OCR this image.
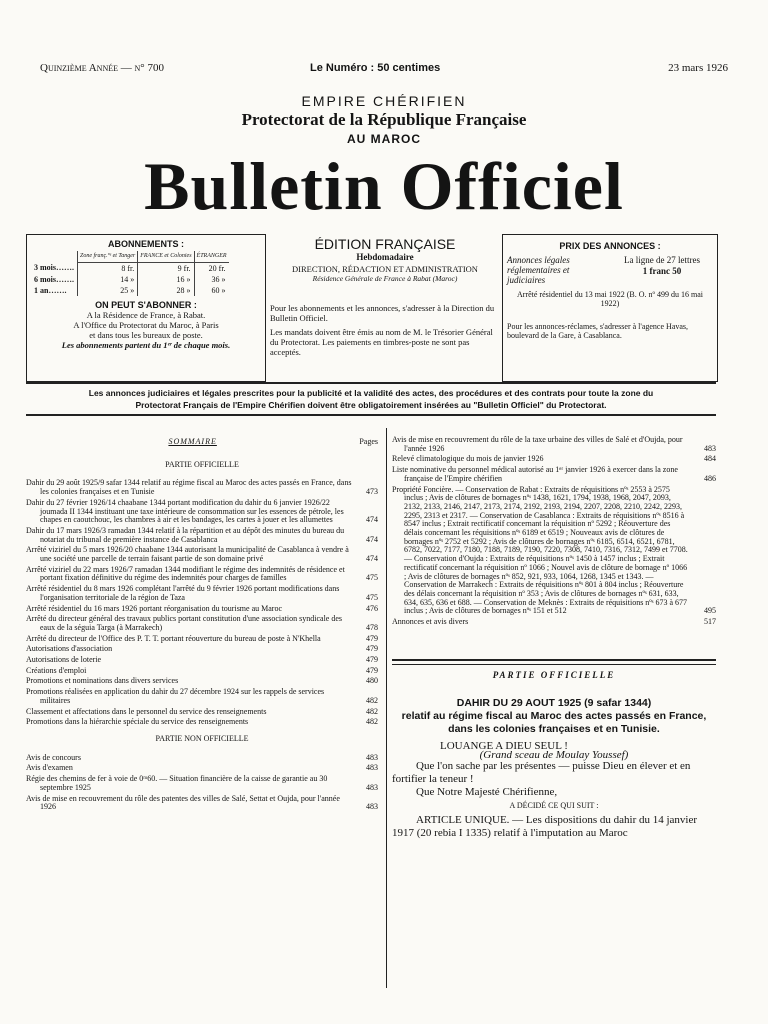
Quinzième Année — n° 700	Le Numéro : 50 centimes	23 mars 1926
EMPIRE CHÉRIFIEN
Protectorat de la République Française
AU MAROC
Bulletin Officiel
ABONNEMENTS :
	Zone franç.ºᵉ et Tanger	FRANCE et Colonies	ÉTRANGER
3 mois…….	8 fr.	9 fr.	20 fr.
6 mois…….	14 »	16 »	36 »
1 an…….	25 »	28 »	60 »
ON PEUT S'ABONNER :
A la Résidence de France, à Rabat.
A l'Office du Protectorat du Maroc, à Paris
et dans tous les bureaux de poste.
Les abonnements partent du 1ᵉʳ de chaque mois.
ÉDITION FRANÇAISE
Hebdomadaire
DIRECTION, RÉDACTION ET ADMINISTRATION
Résidence Générale de France à Rabat (Maroc)
Pour les abonnements et les annonces, s'adresser à la Direction du Bulletin Officiel.
Les mandats doivent être émis au nom de M. le Trésorier Général du Protectorat. Les paiements en timbres-poste ne sont pas acceptés.
PRIX DES ANNONCES :
Annonces légales réglementaires et judiciaires
La ligne de 27 lettres
1 franc 50
Arrêté résidentiel du 13 mai 1922 (B. O. nº 499 du 16 mai 1922)
Pour les annonces-réclames, s'adresser à l'agence Havas, boulevard de la Gare, à Casablanca.
Les annonces judiciaires et légales prescrites pour la publicité et la validité des actes, des procédures et des contrats pour toute la zone du
Protectorat Français de l'Empire Chérifien doivent être obligatoirement insérées au "Bulletin Officiel" du Protectorat.
SOMMAIRE	Pages
PARTIE OFFICIELLE
Dahir du 29 août 1925/9 safar 1344 relatif au régime fiscal au Maroc des actes passés en France, dans les colonies françaises et en Tunisie	473
Dahir du 27 février 1926/14 chaabane 1344 portant modification du dahir du 6 janvier 1926/22 joumada II 1344 instituant une taxe intérieure de consommation sur les essences de pétrole, les chapes en caoutchouc, les chambres à air et les bandages, les cartes à jouer et les allumettes	474
Dahir du 17 mars 1926/3 ramadan 1344 relatif à la répartition et au dépôt des minutes du bureau du notariat du tribunal de première instance de Casablanca	474
Arrêté viziriel du 5 mars 1926/20 chaabane 1344 autorisant la municipalité de Casablanca à vendre à une société une parcelle de terrain faisant partie de son domaine privé	474
Arrêté viziriel du 22 mars 1926/7 ramadan 1344 modifiant le régime des indemnités de résidence et portant fixation définitive du régime des indemnités pour charges de familles	475
Arrêté résidentiel du 8 mars 1926 complétant l'arrêté du 9 février 1926 portant modifications dans l'organisation territoriale de la région de Taza	475
Arrêté résidentiel du 16 mars 1926 portant réorganisation du tourisme au Maroc	476
Arrêté du directeur général des travaux publics portant constitution d'une association syndicale des eaux de la séguia Targa (à Marrakech)	478
Arrêté du directeur de l'Office des P. T. T. portant réouverture du bureau de poste à N'Khella	479
Autorisations d'association	479
Autorisations de loterie	479
Créations d'emploi	479
Promotions et nominations dans divers services	480
Promotions réalisées en application du dahir du 27 décembre 1924 sur les rappels de services militaires	482
Classement et affectations dans le personnel du service des renseignements	482
Promotions dans la hiérarchie spéciale du service des renseignements	482
PARTIE NON OFFICIELLE
Avis de concours	483
Avis d'examen	483
Régie des chemins de fer à voie de 0ᵐ60. — Situation financière de la caisse de garantie au 30 septembre 1925	483
Avis de mise en recouvrement du rôle des patentes des villes de Salé, Settat et Oujda, pour l'année 1926	483
Avis de mise en recouvrement du rôle de la taxe urbaine des villes de Salé et d'Oujda, pour l'année 1926	483
Relevé climatologique du mois de janvier 1926	484
Liste nominative du personnel médical autorisé au 1ᵉʳ janvier 1926 à exercer dans la zone française de l'Empire chérifien	486
Propriété Foncière. — Conservation de Rabat : Extraits de réquisitions nºˢ 2553 à 2575 inclus ; Avis de clôtures de bornages nºˢ 1438, 1621, 1794, 1938, 1968, 2047, 2093, 2132, 2133, 2146, 2147, 2173, 2174, 2192, 2193, 2194, 2207, 2208, 2210, 2242, 2293, 2295, 2313 et 2317. — Conservation de Casablanca : Extraits de réquisitions nºˢ 8516 à 8547 inclus ; Extrait rectificatif concernant la réquisition nº 5292 ; Réouverture des délais concernant les réquisitions nºˢ 6189 et 6519 ; Nouveaux avis de clôtures de bornages nºˢ 2752 et 5292 ; Avis de clôtures de bornages nºˢ 6185, 6514, 6521, 6781, 6782, 7022, 7177, 7180, 7188, 7189, 7190, 7220, 7308, 7410, 7316, 7312, 7499 et 7708. — Conservation d'Oujda : Extraits de réquisitions nºˢ 1450 à 1457 inclus ; Extrait rectificatif concernant la réquisition nº 1066 ; Nouvel avis de clôture de bornage nº 1066 ; Avis de clôtures de bornages nºˢ 852, 921, 933, 1064, 1268, 1345 et 1343. — Conservation de Marrakech : Extraits de réquisitions nºˢ 801 à 804 inclus ; Réouverture des délais concernant la réquisition nº 353 ; Avis de clôtures de bornages nºˢ 631, 633, 634, 635, 636 et 688. — Conservation de Meknès : Extraits de réquisitions nºˢ 673 à 677 inclus ; Avis de clôtures de bornages nºˢ 151 et 512	495
Annonces et avis divers	517
PARTIE OFFICIELLE
DAHIR DU 29 AOUT 1925 (9 safar 1344)
relatif au régime fiscal au Maroc des actes passés en France, dans les colonies françaises et en Tunisie.
LOUANGE A DIEU SEUL !
(Grand sceau de Moulay Youssef)
Que l'on sache par les présentes — puisse Dieu en élever et en fortifier la teneur !
Que Notre Majesté Chérifienne,
A DÉCIDÉ CE QUI SUIT :
ARTICLE UNIQUE. — Les dispositions du dahir du 14 janvier 1917 (20 rebia I 1335) relatif à l'imputation au Maroc
